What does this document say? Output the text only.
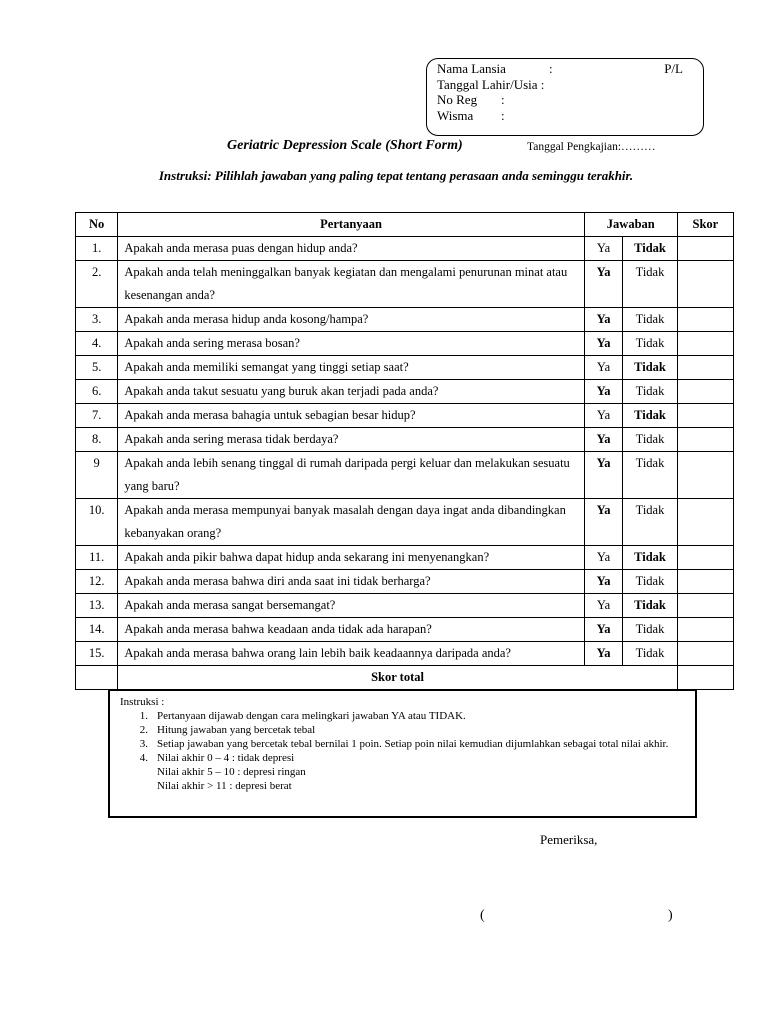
Nama Lansia	:	P/L
Tanggal Lahir/Usia :
No Reg	:
Wisma	:
Geriatric Depression Scale (Short Form)	Tanggal Pengkajian:………
Instruksi: Pilihlah jawaban yang paling tepat tentang perasaan anda seminggu terakhir.
No	Pertanyaan	Jawaban		Skor
1.	Apakah anda merasa puas dengan hidup anda?	Ya	Tidak	
2.	Apakah anda telah meninggalkan banyak kegiatan dan mengalami penurunan minat atau kesenangan anda?	Ya	Tidak	
3.	Apakah anda merasa hidup anda kosong/hampa?	Ya	Tidak	
4.	Apakah anda sering merasa bosan?	Ya	Tidak	
5.	Apakah anda memiliki semangat yang tinggi setiap saat?	Ya	Tidak	
6.	Apakah anda takut sesuatu yang buruk akan terjadi pada anda?	Ya	Tidak	
7.	Apakah anda merasa bahagia untuk sebagian besar hidup?	Ya	Tidak	
8.	Apakah anda sering merasa tidak berdaya?	Ya	Tidak	
9	Apakah anda lebih senang tinggal di rumah daripada pergi keluar dan melakukan sesuatu yang baru?	Ya	Tidak	
10.	Apakah anda merasa mempunyai banyak masalah dengan daya ingat anda dibandingkan kebanyakan orang?	Ya	Tidak	
11.	Apakah anda pikir bahwa dapat hidup anda sekarang ini menyenangkan?	Ya	Tidak	
12.	Apakah anda merasa bahwa diri anda saat ini tidak berharga?	Ya	Tidak	
13.	Apakah anda merasa sangat bersemangat?	Ya	Tidak	
14.	Apakah anda merasa bahwa keadaan anda tidak ada harapan?	Ya	Tidak	
15.	Apakah anda merasa bahwa orang lain lebih baik keadaannya daripada anda?	Ya	Tidak	
	Skor total			
Instruksi :
1. Pertanyaan dijawab dengan cara melingkari jawaban YA atau TIDAK.
2. Hitung jawaban yang bercetak tebal
3. Setiap jawaban yang bercetak tebal bernilai 1 poin. Setiap poin nilai kemudian dijumlahkan sebagai total nilai akhir.
4. Nilai akhir 0 – 4 : tidak depresi
Nilai akhir 5 – 10 : depresi ringan
Nilai akhir > 11 : depresi berat
Pemeriksa,
(	)
